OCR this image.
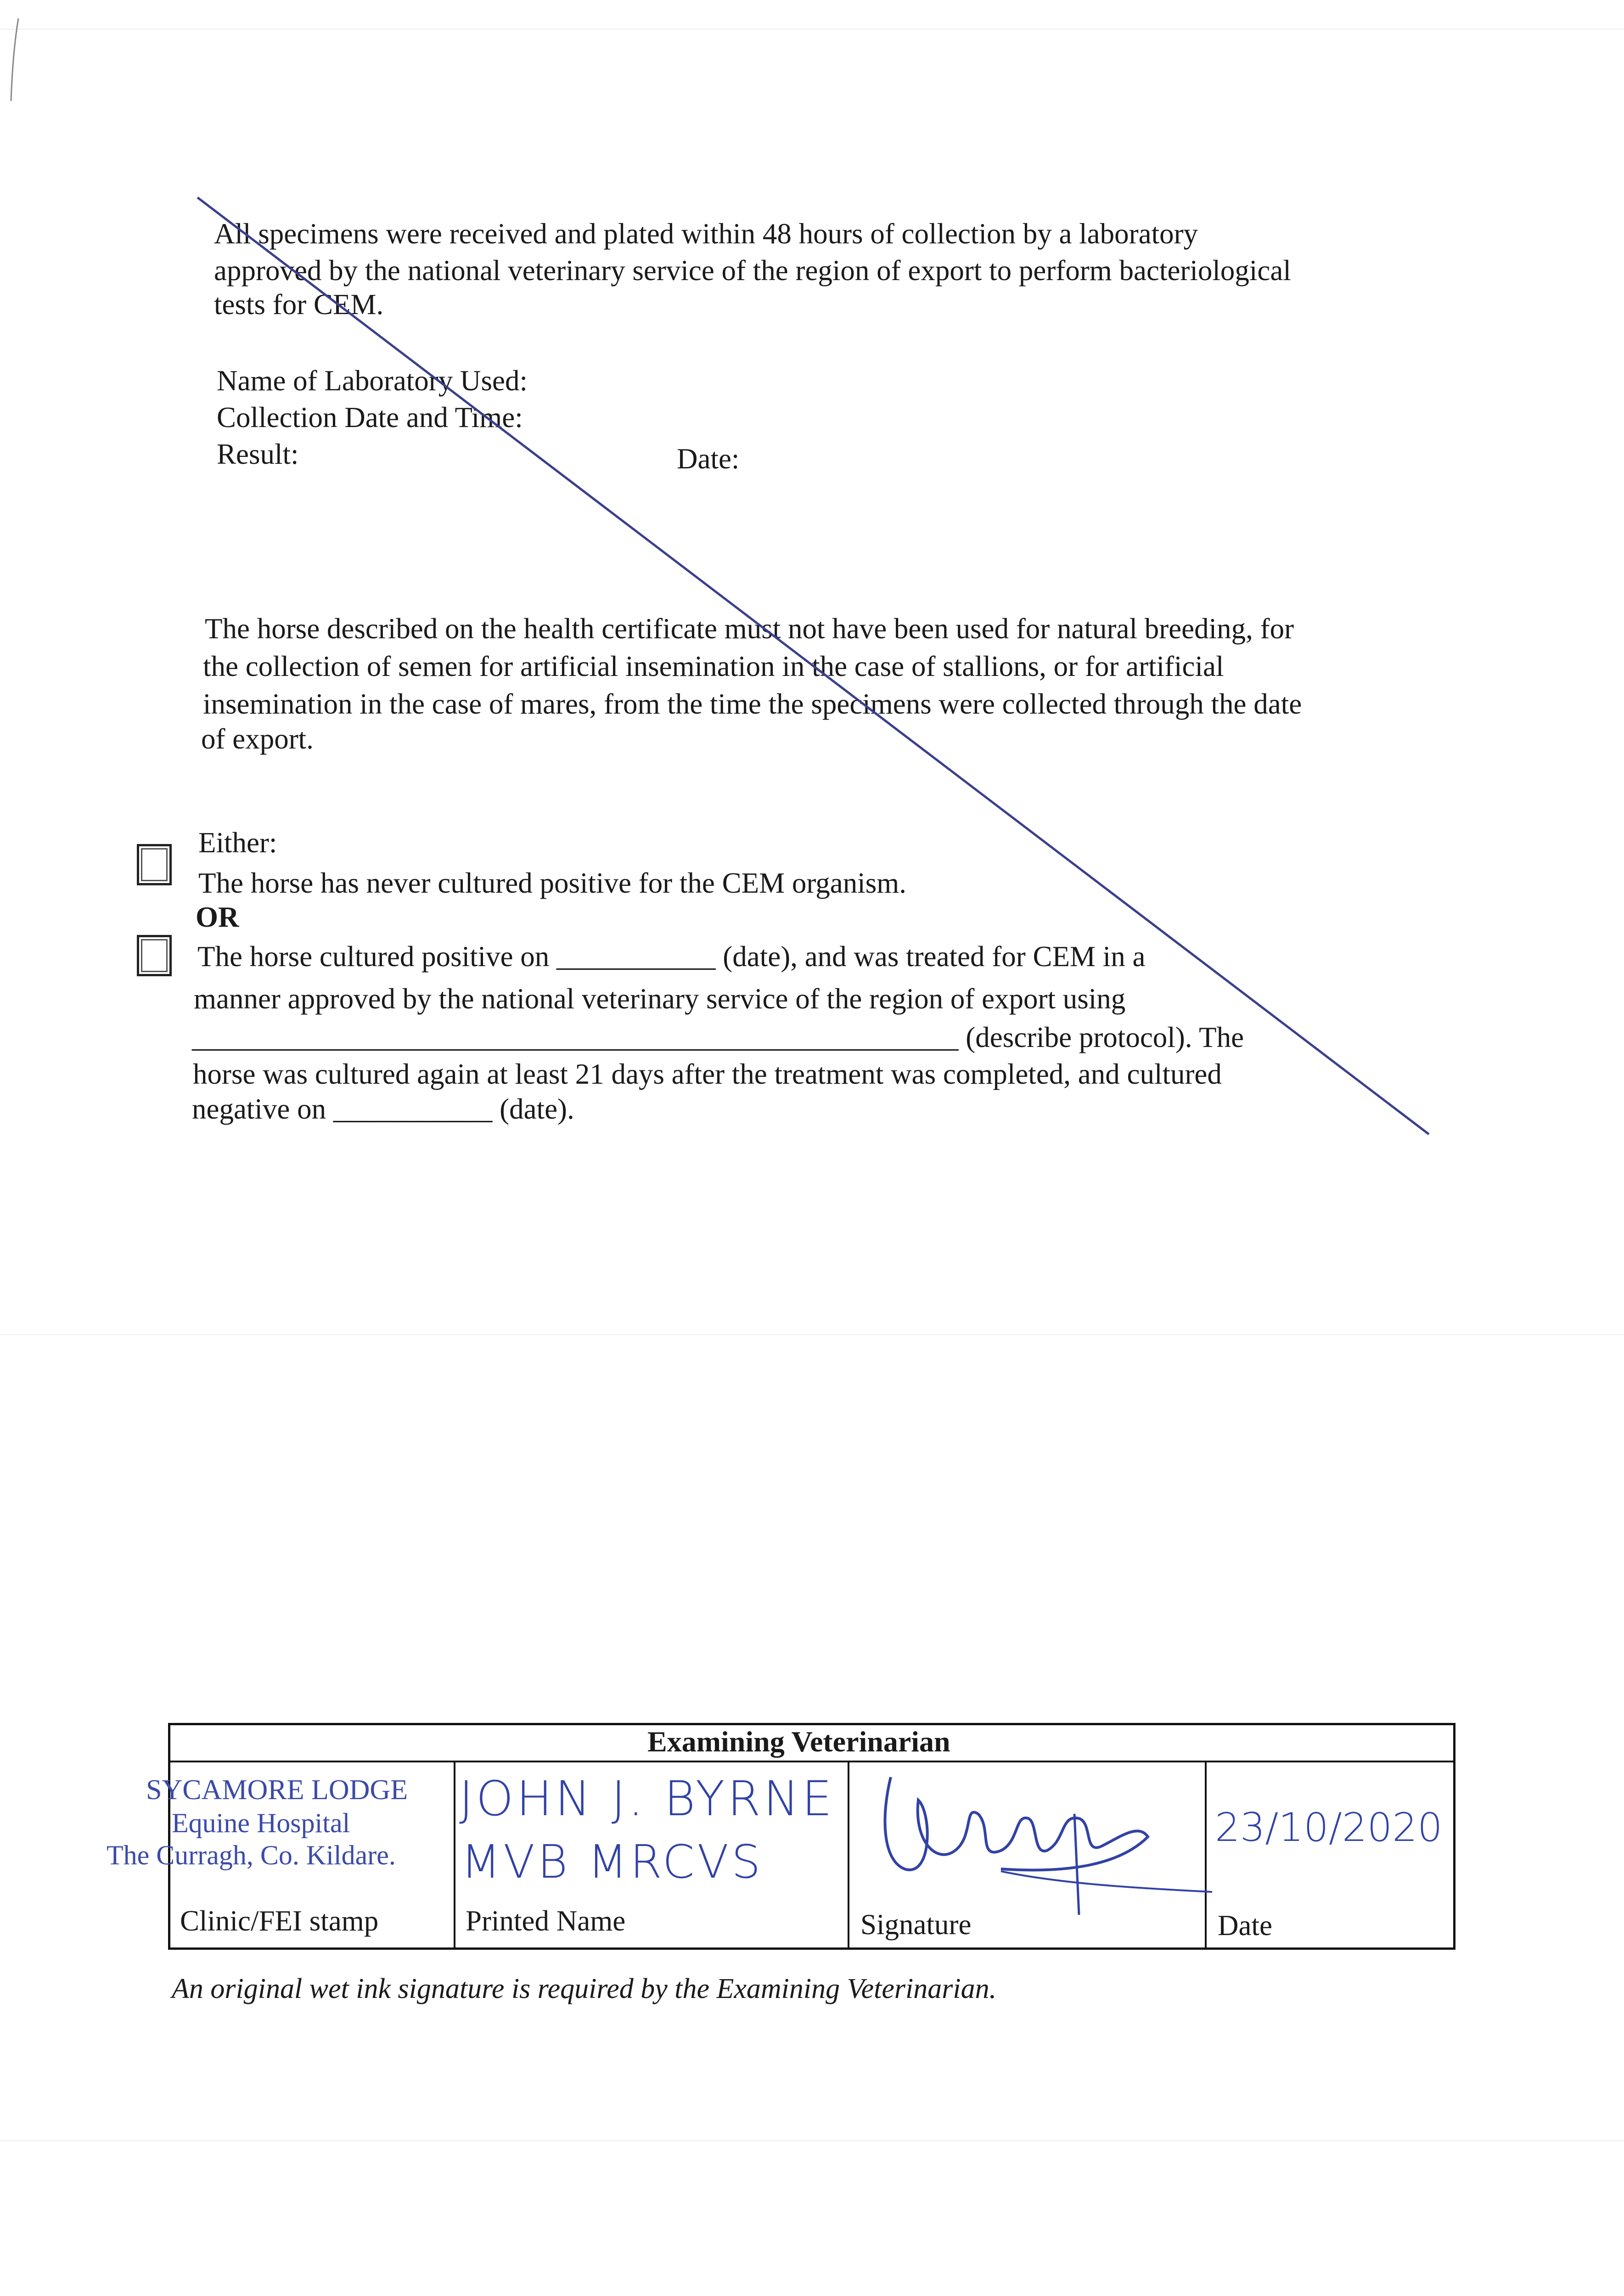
All specimens were received and plated within 48 hours of collection by a laboratory
approved by the national veterinary service of the region of export to perform bacteriological
tests for CEM.
Name of Laboratory Used:
Collection Date and Time:
Result:	Date:
The horse described on the health certificate must not have been used for natural breeding, for
the collection of semen for artificial insemination in the case of stallions, or for artificial
insemination in the case of mares, from the time the specimens were collected through the date
of export.
Either:
The horse has never cultured positive for the CEM organism.
OR
The horse cultured positive on ___________ (date), and was treated for CEM in a
manner approved by the national veterinary service of the region of export using
_____________________________________________________ (describe protocol). The
horse was cultured again at least 21 days after the treatment was completed, and cultured
negative on ___________ (date).
Examining Veterinarian
Clinic/FEI stamp	Printed Name	Signature	Date
SYCAMORE LODGE
Equine Hospital
The Curragh, Co. Kildare.
JOHN J. BYRNE
MVB MRCVS
23/10/2020
An original wet ink signature is required by the Examining Veterinarian.
